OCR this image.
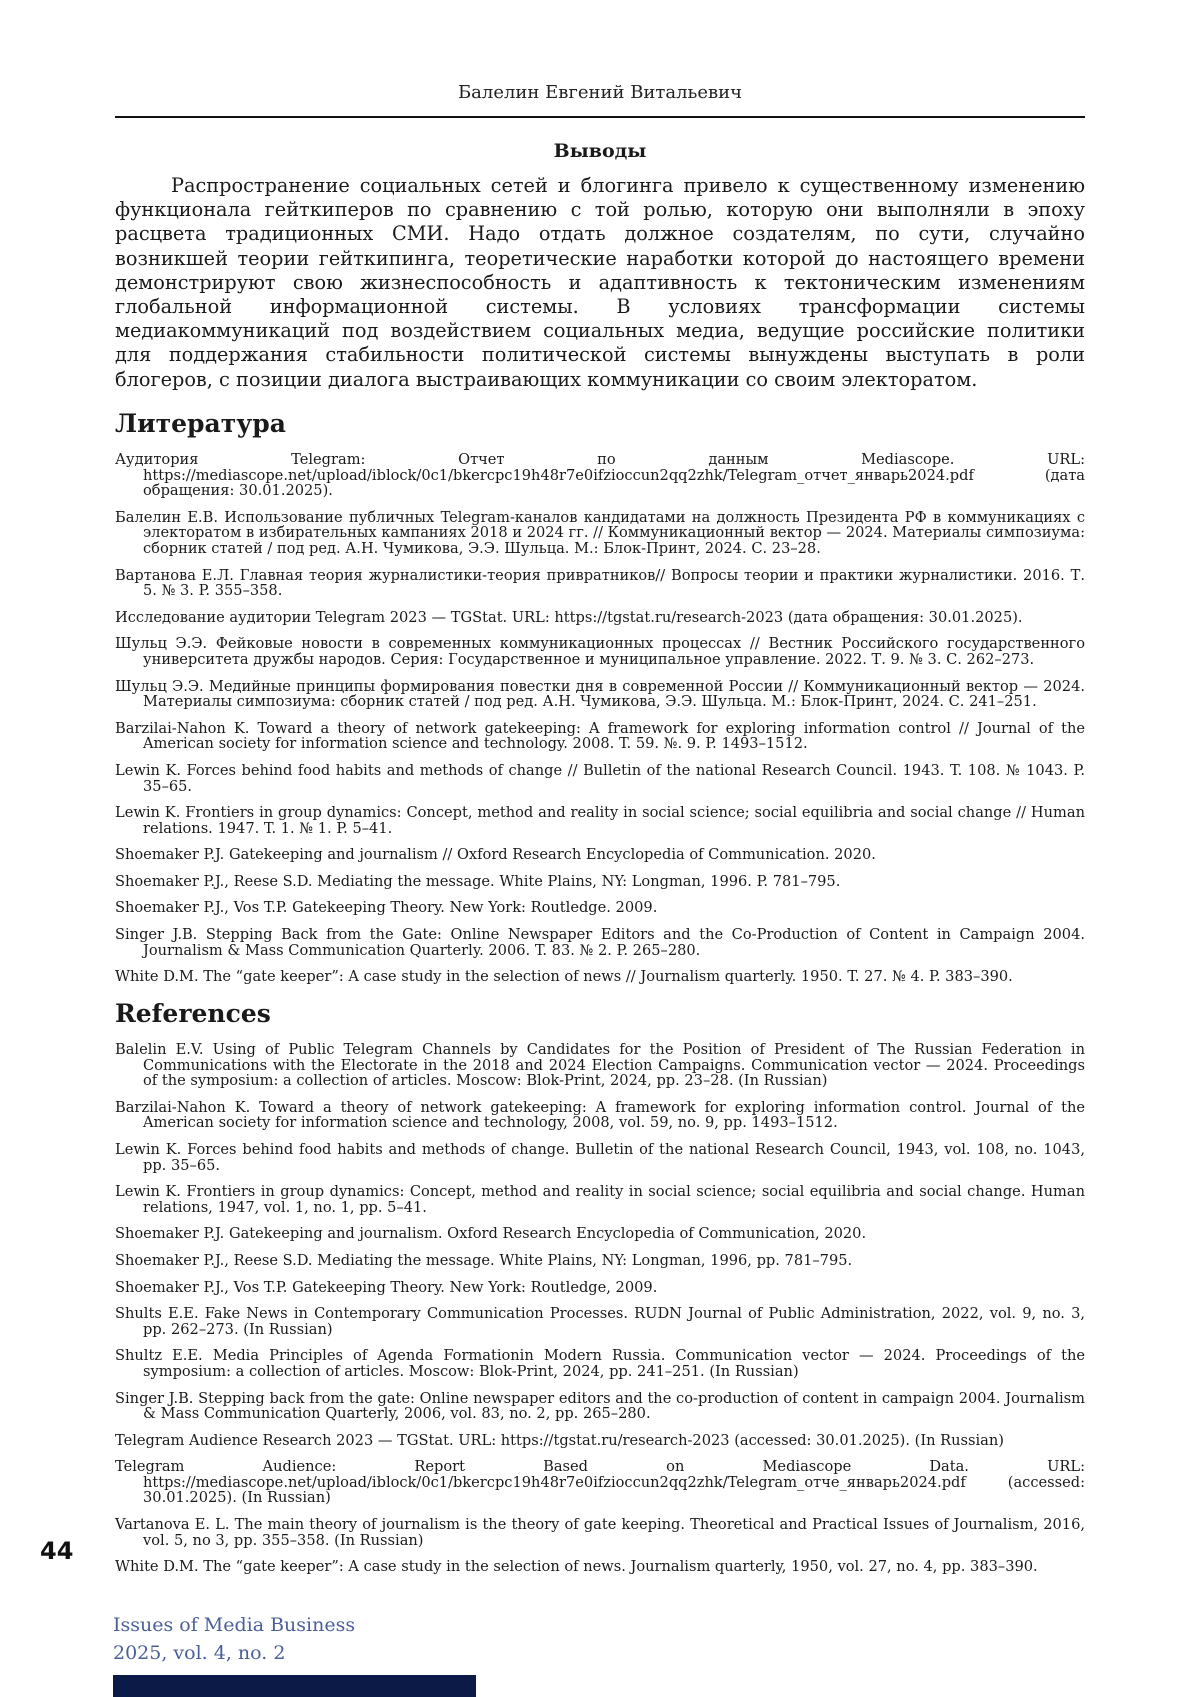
Балелин Евгений Витальевич
Выводы

Распространение социальных сетей и блогинга привело к существенному изменению функционала гейткиперов по сравнению с той ролью, которую они выполняли в эпоху расцвета традиционных СМИ. Надо отдать должное создателям, по сути, случайно возникшей теории гейткипинга, теоретические наработки которой до настоящего времени демонстрируют свою жизнеспособность и адаптивность к тектоническим изменениям глобальной информационной системы. В условиях трансформации системы медиакоммуникаций под воздействием социальных медиа, ведущие российские политики для поддержания стабильности политической системы вынуждены выступать в роли блогеров, с позиции диалога выстраивающих коммуникации со своим электоратом.

Литература
Аудитория Telegram: Отчет по данным Mediascope. URL: https://mediascope.net/upload/iblock/0c1/bkercpc19h48r7e0ifzioccun2qq2zhk/Telegram_отчет_январь2024.pdf (дата обращения: 30.01.2025).
Балелин Е.В. Использование публичных Telegram-каналов кандидатами на должность Президента РФ в коммуникациях с электоратом в избирательных кампаниях 2018 и 2024 гг. // Коммуникационный вектор — 2024. Материалы симпозиума: сборник статей / под ред. А.Н. Чумикова, Э.Э. Шульца. М.: Блок-Принт, 2024. С. 23–28.
Вартанова Е.Л. Главная теория журналистики-теория привратников// Вопросы теории и практики журналистики. 2016. Т. 5. № 3. P. 355–358.
Исследование аудитории Telegram 2023 — TGStat. URL: https://tgstat.ru/research-2023 (дата обращения: 30.01.2025).
Шульц Э.Э. Фейковые новости в современных коммуникационных процессах // Вестник Российского государственного университета дружбы народов. Серия: Государственное и муниципальное управление. 2022. Т. 9. № 3. С. 262–273.
Шульц Э.Э. Медийные принципы формирования повестки дня в современной России // Коммуникационный вектор — 2024. Материалы симпозиума: сборник статей / под ред. А.Н. Чумикова, Э.Э. Шульца. М.: Блок-Принт, 2024. С. 241–251.
Barzilai-Nahon K. Toward a theory of network gatekeeping: A framework for exploring information control // Journal of the American society for information science and technology. 2008. T. 59. №. 9. P. 1493–1512.
Lewin K. Forces behind food habits and methods of change // Bulletin of the national Research Council. 1943. T. 108. № 1043. P. 35–65.
Lewin K. Frontiers in group dynamics: Concept, method and reality in social science; social equilibria and social change // Human relations. 1947. T. 1. № 1. P. 5–41.
Shoemaker P.J. Gatekeeping and journalism // Oxford Research Encyclopedia of Communication. 2020.
Shoemaker P.J., Reese S.D. Mediating the message. White Plains, NY: Longman, 1996. P. 781–795.
Shoemaker P.J., Vos T.P. Gatekeeping Theory. New York: Routledge. 2009.
Singer J.B. Stepping Back from the Gate: Online Newspaper Editors and the Co-Production of Content in Campaign 2004. Journalism & Mass Communication Quarterly. 2006. T. 83. № 2. P. 265–280.
White D.M. The “gate keeper”: A case study in the selection of news // Journalism quarterly. 1950. T. 27. № 4. P. 383–390.
References
Balelin E.V. Using of Public Telegram Channels by Candidates for the Position of President of The Russian Federation in Communications with the Electorate in the 2018 and 2024 Election Campaigns. Communication vector — 2024. Proceedings of the symposium: a collection of articles. Moscow: Blok-Print, 2024, pp. 23–28. (In Russian)
Barzilai-Nahon K. Toward a theory of network gatekeeping: A framework for exploring information control. Journal of the American society for information science and technology, 2008, vol. 59, no. 9, pp. 1493–1512.
Lewin K. Forces behind food habits and methods of change. Bulletin of the national Research Council, 1943, vol. 108, no. 1043, pp. 35–65.
Lewin K. Frontiers in group dynamics: Concept, method and reality in social science; social equilibria and social change. Human relations, 1947, vol. 1, no. 1, pp. 5–41.
Shoemaker P.J. Gatekeeping and journalism. Oxford Research Encyclopedia of Communication, 2020.
Shoemaker P.J., Reese S.D. Mediating the message. White Plains, NY: Longman, 1996, pp. 781–795.
Shoemaker P.J., Vos T.P. Gatekeeping Theory. New York: Routledge, 2009.
Shults E.E. Fake News in Contemporary Communication Processes. RUDN Journal of Public Administration, 2022, vol. 9, no. 3, pp. 262–273. (In Russian)
Shultz E.E. Media Principles of Agenda Formationin Modern Russia. Communication vector — 2024. Proceedings of the symposium: a collection of articles. Moscow: Blok-Print, 2024, pp. 241–251. (In Russian)
Singer J.B. Stepping back from the gate: Online newspaper editors and the co-production of content in campaign 2004. Journalism & Mass Communication Quarterly, 2006, vol. 83, no. 2, pp. 265–280.
Telegram Audience Research 2023 — TGStat. URL: https://tgstat.ru/research-2023 (accessed: 30.01.2025). (In Russian)
Telegram Audience: Report Based on Mediascope Data. URL: https://mediascope.net/upload/iblock/0c1/bkercpc19h48r7e0ifzioccun2qq2zhk/Telegram_отче_январь2024.pdf (accessed: 30.01.2025). (In Russian)
Vartanova E. L. The main theory of journalism is the theory of gate keeping. Theoretical and Practical Issues of Journalism, 2016, vol. 5, no 3, pp. 355–358. (In Russian)
White D.M. The “gate keeper”: A case study in the selection of news. Journalism quarterly, 1950, vol. 27, no. 4, pp. 383–390.
44
Issues of Media Business
2025, vol. 4, no. 2
